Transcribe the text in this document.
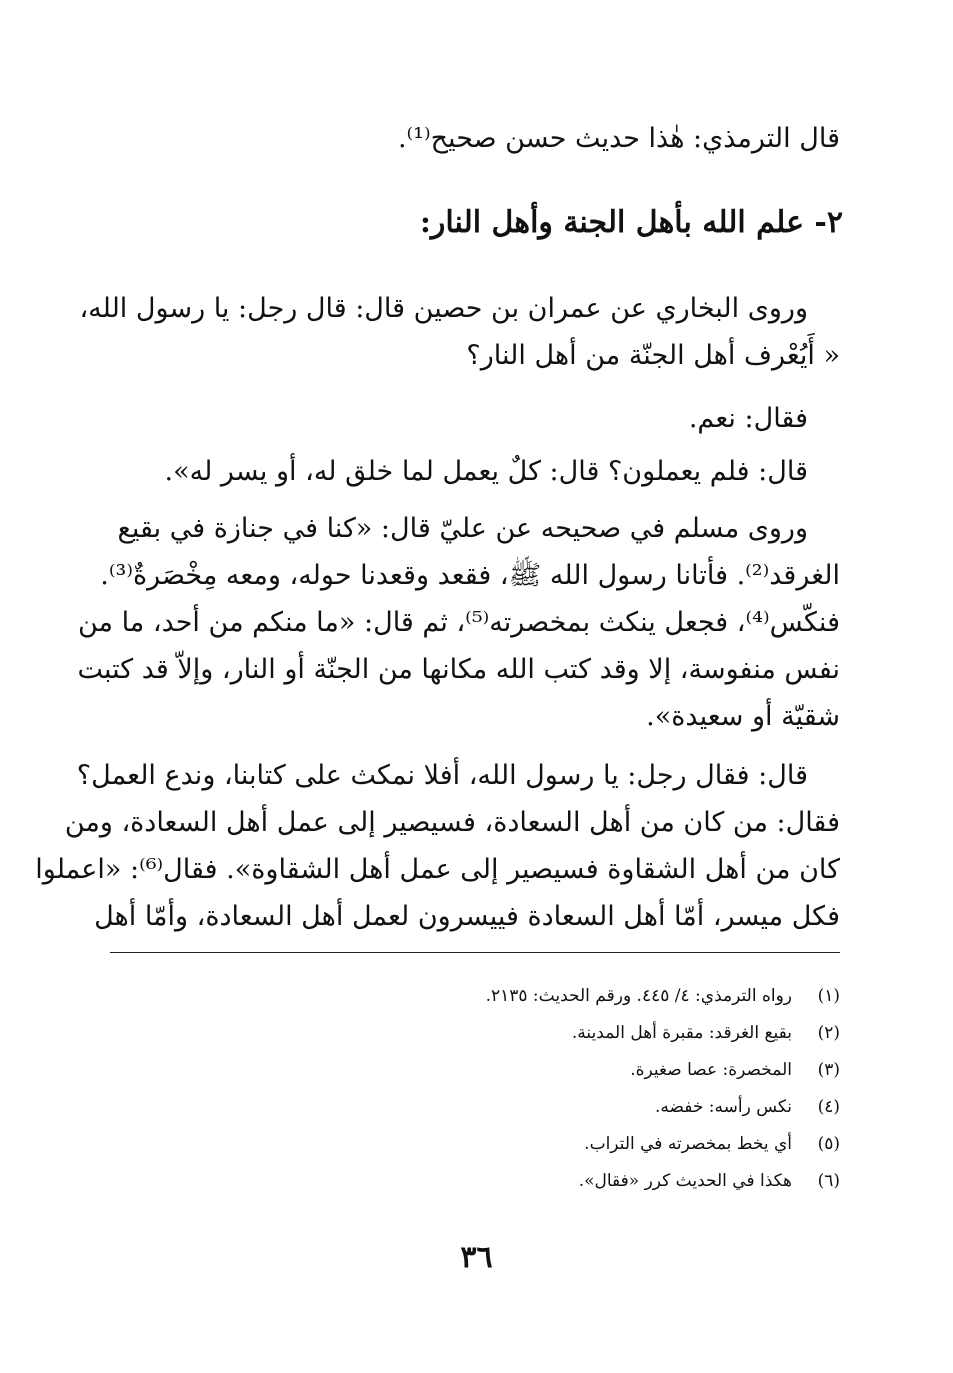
قال الترمذي: هٰذا حديث حسن صحيح⁽¹⁾.
٢- علم الله بأهل الجنة وأهل النار:
وروى البخاري عن عمران بن حصين قال: قال رجل: يا رسول الله،
« أَيُعْرف أهل الجنّة من أهل النار؟
فقال: نعم.
قال: فلم يعملون؟ قال: كلٌ يعمل لما خلق له، أو يسر له».
وروى مسلم في صحيحه عن عليّ قال: «كنا في جنازة في بقيع
الغرقد⁽²⁾. فأتانا رسول الله ﷺ، فقعد وقعدنا حوله، ومعه مِخْصَرةٌ⁽³⁾.
فنكّس⁽⁴⁾، فجعل ينكث بمخصرته⁽⁵⁾، ثم قال: «ما منكم من أحد، ما من
نفس منفوسة، إلا وقد كتب الله مكانها من الجنّة أو النار، وإلاّ قد كتبت
شقيّة أو سعيدة».
قال: فقال رجل: يا رسول الله، أفلا نمكث على كتابنا، وندع العمل؟
فقال: من كان من أهل السعادة، فسيصير إلى عمل أهل السعادة، ومن
كان من أهل الشقاوة فسيصير إلى عمل أهل الشقاوة». فقال⁽⁶⁾: «اعملوا
فكل ميسر، أمّا أهل السعادة فييسرون لعمل أهل السعادة، وأمّا أهل
(١)
رواه الترمذي: ٤/ ٤٤٥. ورقم الحديث: ٢١٣٥.
(٢)
بقيع الغرقد: مقبرة أهل المدينة.
(٣)
المخصرة: عصا صغيرة.
(٤)
نكس رأسه: خفضه.
(٥)
أي يخط بمخصرته في التراب.
(٦)
هكذا في الحديث كرر «فقال».
٣٦
